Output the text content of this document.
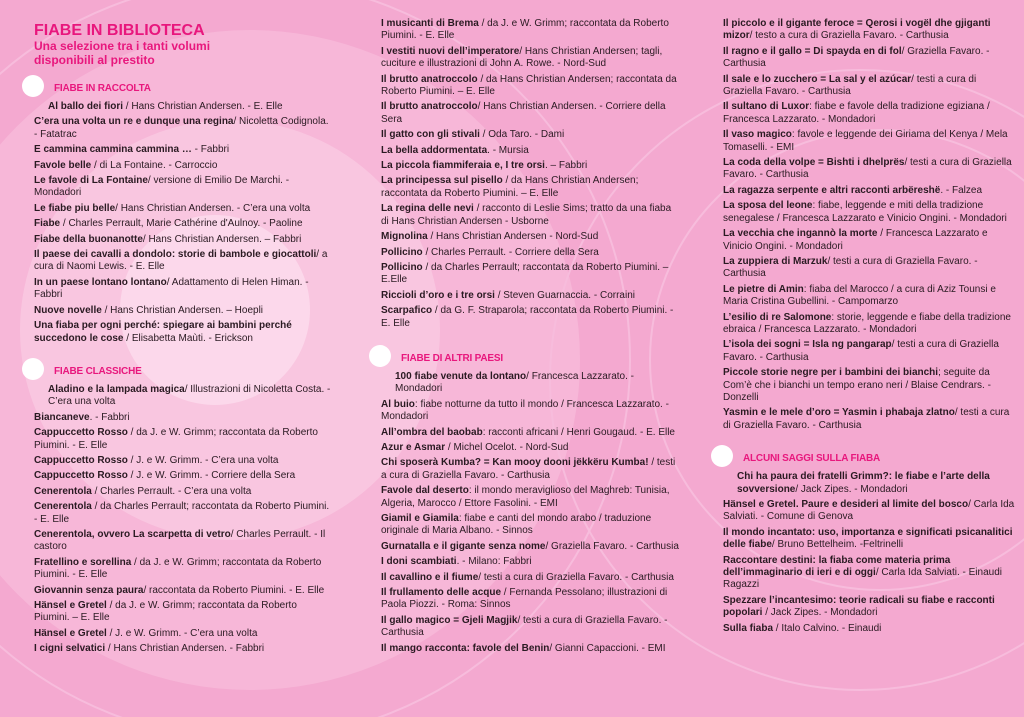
FIABE IN BIBLIOTECA
Una selezione tra i tanti volumi disponibili al prestito
FIABE IN RACCOLTA
Al ballo dei fiori / Hans Christian Andersen. - E. Elle
C’era una volta un re e dunque una regina/ Nicoletta Codignola. - Fatatrac
E cammina cammina cammina … - Fabbri
Favole belle / di La Fontaine. - Carroccio
Le favole di La Fontaine/ versione di Emilio De Marchi. - Mondadori
Le fiabe piu belle/ Hans Christian Andersen. - C’era una volta
Fiabe / Charles Perrault, Marie Cathérine d'Aulnoy. - Paoline
Fiabe della buonanotte/ Hans Christian Andersen. – Fabbri
Il paese dei cavalli a dondolo: storie di bambole e giocattoli/ a cura di Naomi Lewis. - E. Elle
In un paese lontano lontano/ Adattamento di Helen Himan. - Fabbri
Nuove novelle / Hans Christian Andersen. – Hoepli
Una fiaba per ogni perché: spiegare ai bambini perché succedono le cose / Elisabetta Maùti. - Erickson
FIABE CLASSICHE
Aladino e la lampada magica/ Illustrazioni di Nicoletta Costa. - C’era una volta
Biancaneve. - Fabbri
Cappuccetto Rosso / da J. e W. Grimm; raccontata da Roberto Piumini. - E. Elle
Cappuccetto Rosso / J. e W. Grimm. - C’era una volta
Cappuccetto Rosso / J. e W. Grimm. - Corriere della Sera
Cenerentola / Charles Perrault. - C’era una volta
Cenerentola / da Charles Perrault; raccontata da Roberto Piumini. - E. Elle
Cenerentola, ovvero La scarpetta di vetro/ Charles Perrault. - Il castoro
Fratellino e sorellina / da J. e W. Grimm; raccontata da Roberto Piumini. - E. Elle
Giovannin senza paura/ raccontata da Roberto Piumini. - E. Elle
Hänsel e Gretel / da J. e W. Grimm; raccontata da Roberto Piumini. – E. Elle
Hänsel e Gretel / J. e W. Grimm. - C’era una volta
I cigni selvatici / Hans Christian Andersen. - Fabbri
I musicanti di Brema / da J. e W. Grimm; raccontata da Roberto Piumini. - E. Elle
I vestiti nuovi dell’imperatore/ Hans Christian Andersen; tagli, cuciture e illustrazioni di John A. Rowe. - Nord-Sud
Il brutto anatroccolo / da Hans Christian Andersen; raccontata da Roberto Piumini. – E. Elle
Il brutto anatroccolo/ Hans Christian Andersen. - Corriere della Sera
Il gatto con gli stivali / Oda Taro. - Dami
La bella addormentata. - Mursia
La piccola fiammiferaia e, I tre orsi. – Fabbri
La principessa sul pisello / da Hans Christian Andersen; raccontata da Roberto Piumini. – E. Elle
La regina delle nevi / racconto di Leslie Sims; tratto da una fiaba di Hans Christian Andersen - Usborne
Mignolina / Hans Christian Andersen - Nord-Sud
Pollicino / Charles Perrault. - Corriere della Sera
Pollicino / da Charles Perrault; raccontata da Roberto Piumini. – E.Elle
Riccioli d’oro e i tre orsi / Steven Guarnaccia. - Corraini
Scarpafico / da G. F. Straparola; raccontata da Roberto Piumini. - E. Elle
FIABE DI ALTRI PAESI
100 fiabe venute da lontano/ Francesca Lazzarato. - Mondadori
Al buio: fiabe notturne da tutto il mondo / Francesca Lazzarato. - Mondadori
All’ombra del baobab: racconti africani / Henri Gougaud. - E. Elle
Azur e Asmar / Michel Ocelot. - Nord-Sud
Chi sposerà Kumba? = Kan mooy dooni jëkkëru Kumba! / testi a cura di Graziella Favaro. - Carthusia
Favole dal deserto: il mondo meraviglioso del Maghreb: Tunisia, Algeria, Marocco / Ettore Fasolini. - EMI
Giamil e Giamila: fiabe e canti del mondo arabo / traduzione originale di Maria Albano. - Sinnos
Gurnatalla e il gigante senza nome/ Graziella Favaro. - Carthusia
I doni scambiati. - Milano: Fabbri
Il cavallino e il fiume/ testi a cura di Graziella Favaro. - Carthusia
Il frullamento delle acque / Fernanda Pessolano; illustrazioni di Paola Piozzi. - Roma: Sinnos
Il gallo magico = Gjeli Magjik/ testi a cura di Graziella Favaro. - Carthusia
Il mango racconta: favole del Benin/ Gianni Capaccioni. - EMI
Il piccolo e il gigante feroce = Qerosi i vogël dhe gjiganti mizor/ testo a cura di Graziella Favaro. - Carthusia
Il ragno e il gallo = Di spayda en di fol/ Graziella Favaro. - Carthusia
Il sale e lo zucchero = La sal y el azúcar/ testi a cura di Graziella Favaro. - Carthusia
Il sultano di Luxor: fiabe e favole della tradizione egiziana / Francesca Lazzarato. - Mondadori
Il vaso magico: favole e leggende dei Giriama del Kenya / Mela Tomaselli. - EMI
La coda della volpe = Bishti i dhelprës/ testi a cura di Graziella Favaro. - Carthusia
La ragazza serpente e altri racconti arbëreshë. - Falzea
La sposa del leone: fiabe, leggende e miti della tradizione senegalese / Francesca Lazzarato e Vinicio Ongini. - Mondadori
La vecchia che ingannò la morte / Francesca Lazzarato e Vinicio Ongini. - Mondadori
La zuppiera di Marzuk/ testi a cura di Graziella Favaro. - Carthusia
Le pietre di Amin: fiaba del Marocco / a cura di Aziz Tounsi e Maria Cristina Gubellini. - Campomarzo
L’esilio di re Salomone: storie, leggende e fiabe della tradizione ebraica / Francesca Lazzarato. - Mondadori
L’isola dei sogni = Isla ng pangarap/ testi a cura di Graziella Favaro. - Carthusia
Piccole storie negre per i bambini dei bianchi; seguite da Com’è che i bianchi un tempo erano neri / Blaise Cendrars. - Donzelli
Yasmin e le mele d’oro = Yasmin i phabaja zlatno/ testi a cura di Graziella Favaro. - Carthusia
ALCUNI SAGGI SULLA FIABA
Chi ha paura dei fratelli Grimm?: le fiabe e l’arte della sovversione/ Jack Zipes. - Mondadori
Hänsel e Gretel. Paure e desideri al limite del bosco/ Carla Ida Salviati. - Comune di Genova
Il mondo incantato: uso, importanza e significati psicanalitici delle fiabe/ Bruno Bettelheim. -Feltrinelli
Raccontare destini: la fiaba come materia prima dell’immaginario di ieri e di oggi/ Carla Ida Salviati. - Einaudi Ragazzi
Spezzare l’incantesimo: teorie radicali su fiabe e racconti popolari / Jack Zipes. - Mondadori
Sulla fiaba / Italo Calvino. - Einaudi
